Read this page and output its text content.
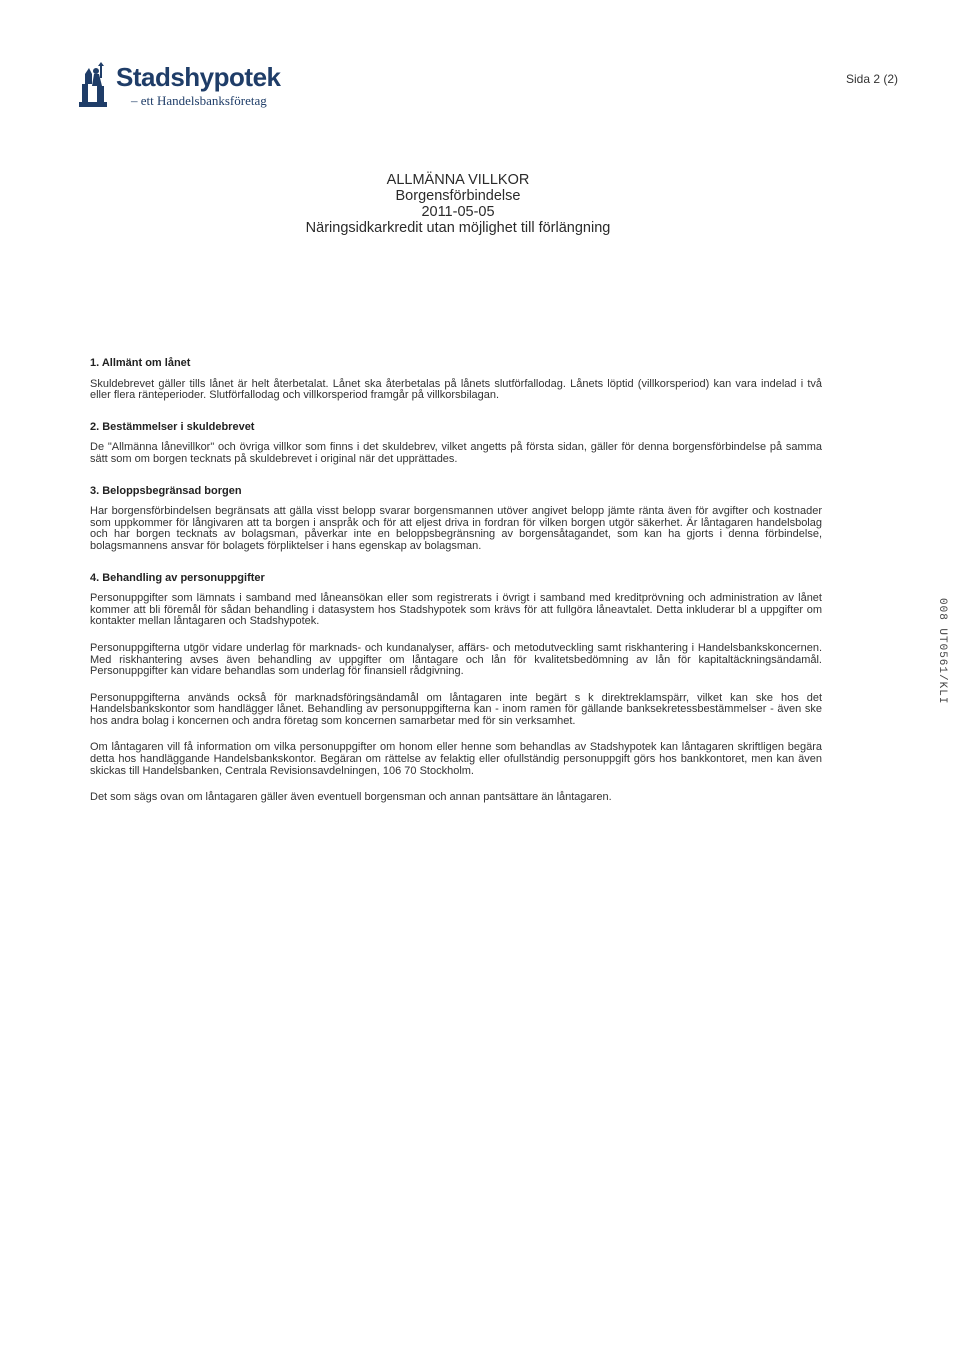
Stadshypotek
– ett Handelsbanksföretag
Sida 2 (2)
ALLMÄNNA VILLKOR
Borgensförbindelse
2011-05-05
Näringsidkarkredit utan möjlighet till förlängning
1. Allmänt om lånet

Skuldebrevet gäller tills lånet är helt återbetalat. Lånet ska återbetalas på lånets slutförfallodag. Lånets löptid (villkorsperiod) kan vara indelad i två eller flera ränteperioder. Slutförfallodag och villkorsperiod framgår på villkorsbilagan.

2. Bestämmelser i skuldebrevet

De "Allmänna lånevillkor" och övriga villkor som finns i det skuldebrev, vilket angetts på första sidan, gäller för denna borgensförbindelse på samma sätt som om borgen tecknats på skuldebrevet i original när det upprättades.

3. Beloppsbegränsad borgen

Har borgensförbindelsen begränsats att gälla visst belopp svarar borgensmannen utöver angivet belopp jämte ränta även för avgifter och kostnader som uppkommer för långivaren att ta borgen i anspråk och för att eljest driva in fordran för vilken borgen utgör säkerhet. Är låntagaren handelsbolag och har borgen tecknats av bolagsman, påverkar inte en beloppsbegränsning av borgensåtagandet, som kan ha gjorts i denna förbindelse, bolagsmannens ansvar för bolagets förpliktelser i hans egenskap av bolagsman.

4. Behandling av personuppgifter

Personuppgifter som lämnats i samband med låneansökan eller som registrerats i övrigt i samband med kreditprövning och administration av lånet kommer att bli föremål för sådan behandling i datasystem hos Stadshypotek som krävs för att fullgöra låneavtalet. Detta inkluderar bl a uppgifter om kontakter mellan låntagaren och Stadshypotek.

Personuppgifterna utgör vidare underlag för marknads- och kundanalyser, affärs- och metodutveckling samt riskhantering i Handelsbankskoncernen. Med riskhantering avses även behandling av uppgifter om låntagare och lån för kvalitetsbedömning av lån för kapitaltäckningsändamål. Personuppgifter kan vidare behandlas som underlag för finansiell rådgivning.

Personuppgifterna används också för marknadsföringsändamål om låntagaren inte begärt s k direktreklamspärr, vilket kan ske hos det Handelsbankskontor som handlägger lånet. Behandling av personuppgifterna kan - inom ramen för gällande banksekretessbestämmelser - även ske hos andra bolag i koncernen och andra företag som koncernen samarbetar med för sin verksamhet.

Om låntagaren vill få information om vilka personuppgifter om honom eller henne som behandlas av Stadshypotek kan låntagaren skriftligen begära detta hos handläggande Handelsbankskontor. Begäran om rättelse av felaktig eller ofullständig personuppgift görs hos bankkontoret, men kan även skickas till Handelsbanken, Centrala Revisionsavdelningen, 106 70 Stockholm.

Det som sägs ovan om låntagaren gäller även eventuell borgensman och annan pantsättare än låntagaren.

008 UT0561/KLI
